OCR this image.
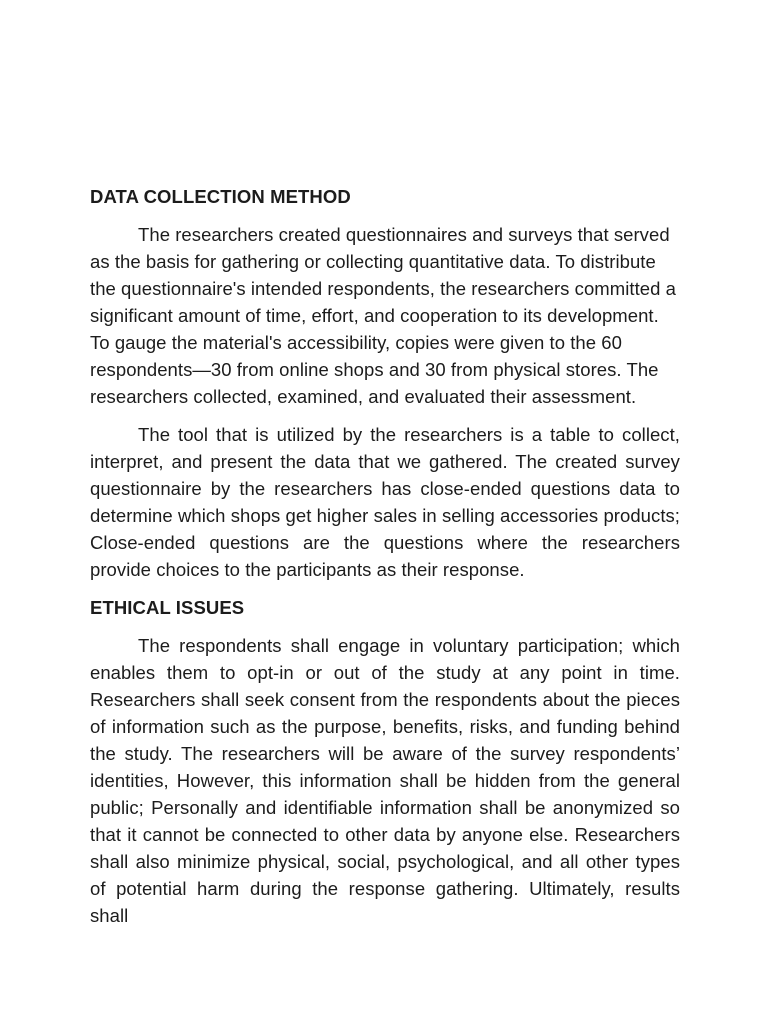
DATA COLLECTION METHOD

The researchers created questionnaires and surveys that served as the basis for gathering or collecting quantitative data. To distribute the questionnaire's intended respondents, the researchers committed a significant amount of time, effort, and cooperation to its development. To gauge the material's accessibility, copies were given to the 60 respondents—30 from online shops and 30 from physical stores. The researchers collected, examined, and evaluated their assessment.

The tool that is utilized by the researchers is a table to collect, interpret, and present the data that we gathered. The created survey questionnaire by the researchers has close-ended questions data to determine which shops get higher sales in selling accessories products; Close-ended questions are the questions where the researchers provide choices to the participants as their response.

ETHICAL ISSUES

The respondents shall engage in voluntary participation; which enables them to opt-in or out of the study at any point in time. Researchers shall seek consent from the respondents about the pieces of information such as the purpose, benefits, risks, and funding behind the study. The researchers will be aware of the survey respondents’ identities, However, this information shall be hidden from the general public; Personally and identifiable information shall be anonymized so that it cannot be connected to other data by anyone else. Researchers shall also minimize physical, social, psychological, and all other types of potential harm during the response gathering. Ultimately, results shall
